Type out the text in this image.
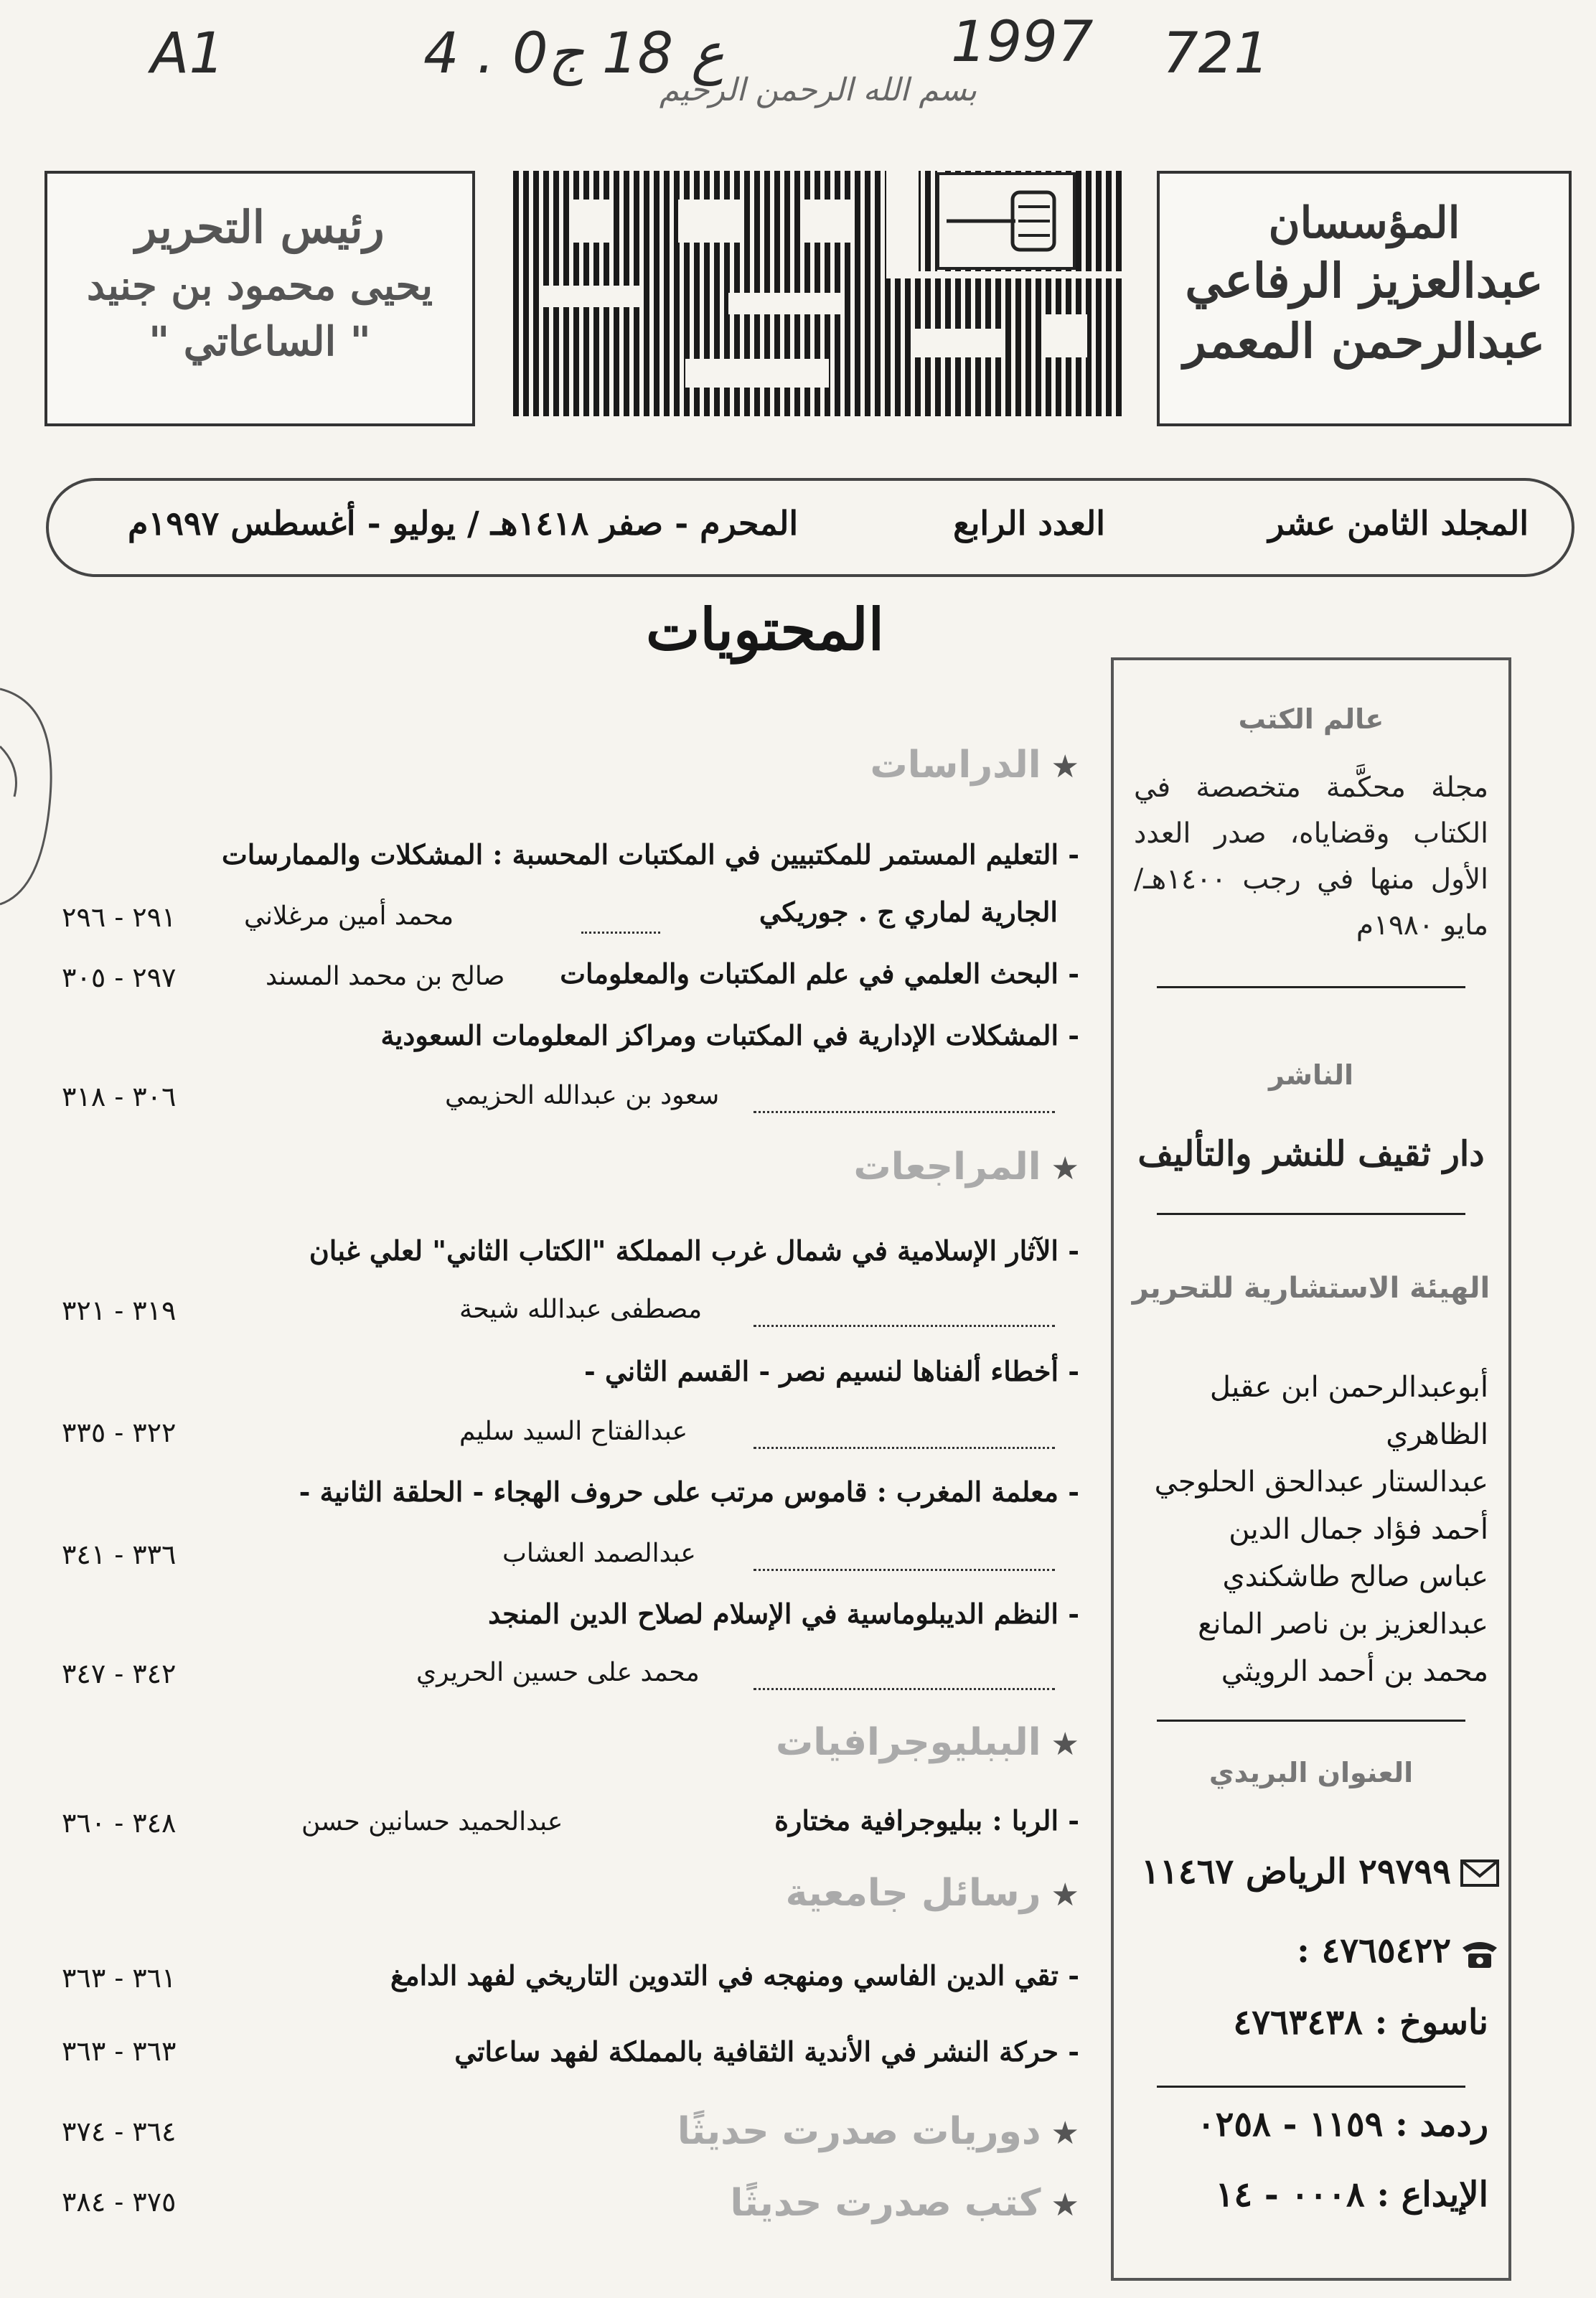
A1	4 . ع 18 ج0	1997 721
بسم الله الرحمن الرحيم
المؤسسان
عبدالعزيز الرفاعي
عبدالرحمن المعمر
رئيس التحرير
يحيى محمود بن جنيد
" الساعاتي "
المجلد الثامن عشر
العدد الرابع
المحرم - صفر ١٤١٨هـ / يوليو - أغسطس ١٩٩٧م
المحتويات
★الدراسات
- التعليم المستمر للمكتبيين في المكتبات المحسبة : المشكلات والممارسات
الجارية لماري ج . جوريكي
محمد أمين مرغلاني
٢٩١ - ٢٩٦
- البحث العلمي في علم المكتبات والمعلومات
صالح بن محمد المسند
٢٩٧ - ٣٠٥
- المشكلات الإدارية في المكتبات ومراكز المعلومات السعودية
سعود بن عبدالله الحزيمي
٣٠٦ - ٣١٨
★المراجعات
- الآثار الإسلامية في شمال غرب المملكة "الكتاب الثاني" لعلي غبان
مصطفى عبدالله شيحة
٣١٩ - ٣٢١
- أخطاء ألفناها لنسيم نصر - القسم الثاني -
عبدالفتاح السيد سليم
٣٢٢ - ٣٣٥
- معلمة المغرب : قاموس مرتب على حروف الهجاء - الحلقة الثانية -
عبدالصمد العشاب
٣٣٦ - ٣٤١
- النظم الديبلوماسية في الإسلام لصلاح الدين المنجد
محمد على حسين الحريري
٣٤٢ - ٣٤٧
★الببليوجرافيات
- الربا : ببليوجرافية مختارة
عبدالحميد حسانين حسن
٣٤٨ - ٣٦٠
★رسائل جامعية
- تقي الدين الفاسي ومنهجه في التدوين التاريخي لفهد الدامغ
٣٦١ - ٣٦٣
- حركة النشر في الأندية الثقافية بالمملكة لفهد ساعاتي
٣٦٣ - ٣٦٣
★دوريات صدرت حديثًا
٣٦٤ - ٣٧٤
★كتب صدرت حديثًا
٣٧٥ - ٣٨٤
عالم الكتب
مجلة محكَّمة متخصصة في الكتاب وقضاياه، صدر العدد الأول منها في رجب ١٤٠٠هـ/ مايو ١٩٨٠م
الناشر
دار ثقيف للنشر والتأليف
الهيئة الاستشارية للتحرير
أبوعبدالرحمن ابن عقيل الظاهري
عبدالستار عبدالحق الحلوجي
أحمد فؤاد جمال الدين
عباس صالح طاشكندي
عبدالعزيز بن ناصر المانع
محمد بن أحمد الرويثي
العنوان البريدي
٢٩٧٩٩ الرياض ١١٤٦٧
٤٧٦٥٤٢٢ :
ناسوخ : ٤٧٦٣٤٣٨
ردمد : ١١٥٩ - ٠٢٥٨
الإيداع : ٠٠٠٨ - ١٤
